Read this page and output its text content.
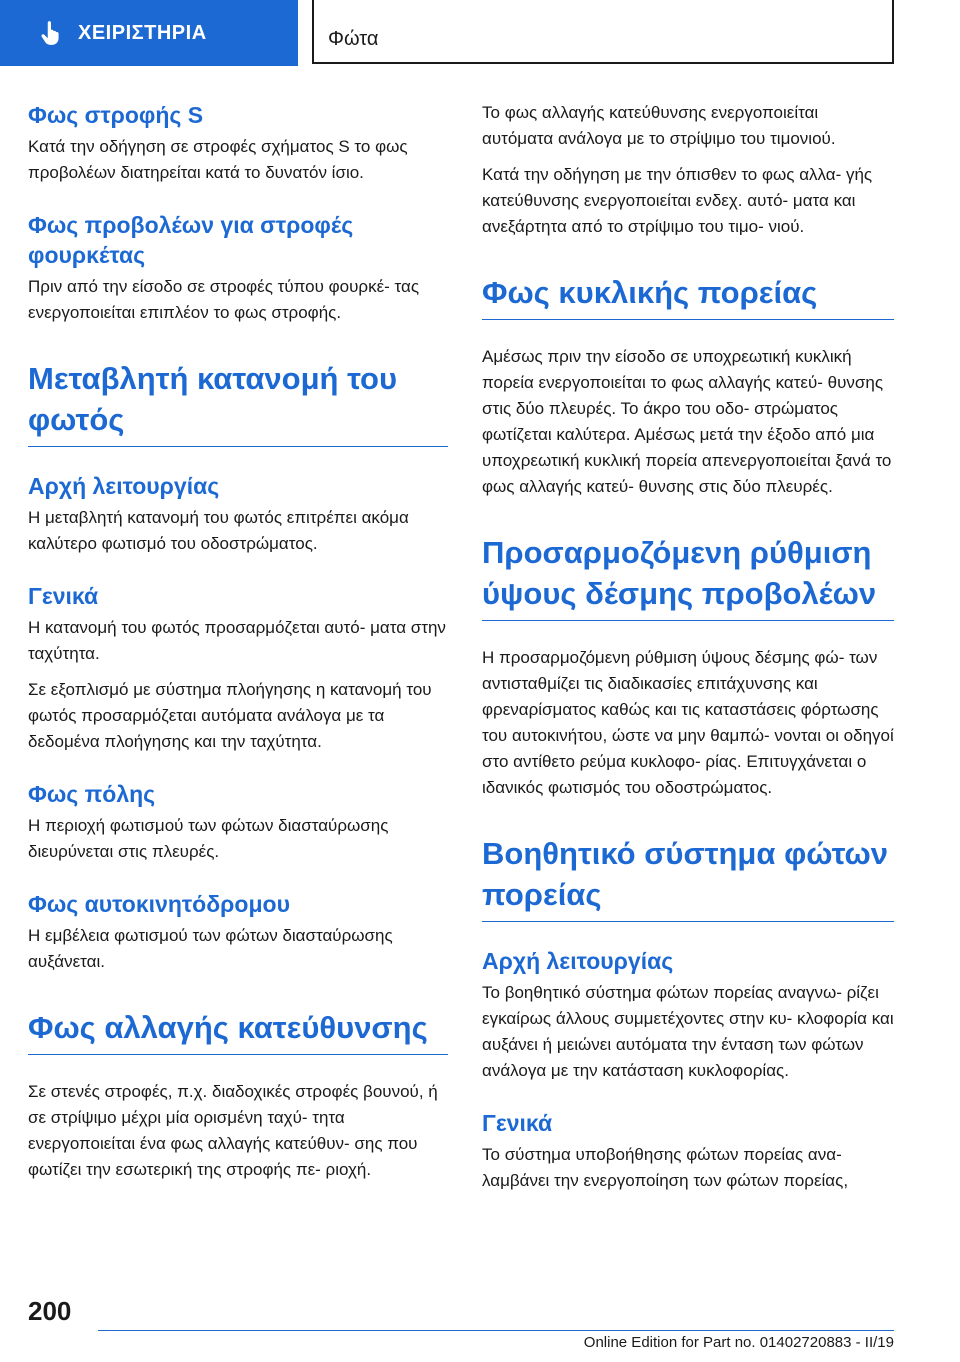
ΧΕΙΡΙΣΤΗΡΙΑ	Φώτα
Φως στροφής S
Κατά την οδήγηση σε στροφές σχήματος S το φως προβολέων διατηρείται κατά το δυνατόν ίσιο.
Φως προβολέων για στροφές φουρκέτας
Πριν από την είσοδο σε στροφές τύπου φουρκέ‐ τας ενεργοποιείται επιπλέον το φως στροφής.
Μεταβλητή κατανομή του φωτός
Αρχή λειτουργίας
Η μεταβλητή κατανομή του φωτός επιτρέπει ακόμα καλύτερο φωτισμό του οδοστρώματος.
Γενικά
Η κατανομή του φωτός προσαρμόζεται αυτό‐ ματα στην ταχύτητα.
Σε εξοπλισμό με σύστημα πλοήγησης η κατανομή του φωτός προσαρμόζεται αυτόματα ανάλογα με τα δεδομένα πλοήγησης και την ταχύτητα.
Φως πόλης
Η περιοχή φωτισμού των φώτων διασταύρωσης διευρύνεται στις πλευρές.
Φως αυτοκινητόδρομου
Η εμβέλεια φωτισμού των φώτων διασταύρωσης αυξάνεται.
Φως αλλαγής κατεύθυνσης
Σε στενές στροφές, π.χ. διαδοχικές στροφές βουνού, ή σε στρίψιμο μέχρι μία ορισμένη ταχύ‐ τητα ενεργοποιείται ένα φως αλλαγής κατεύθυν‐ σης που φωτίζει την εσωτερική της στροφής πε‐ ριοχή.
Το φως αλλαγής κατεύθυνσης ενεργοποιείται αυτόματα ανάλογα με το στρίψιμο του τιμονιού.
Κατά την οδήγηση με την όπισθεν το φως αλλα‐ γής κατεύθυνσης ενεργοποιείται ενδεχ. αυτό‐ ματα και ανεξάρτητα από το στρίψιμο του τιμο‐ νιού.
Φως κυκλικής πορείας
Αμέσως πριν την είσοδο σε υποχρεωτική κυκλική πορεία ενεργοποιείται το φως αλλαγής κατεύ‐ θυνσης στις δύο πλευρές. Το άκρο του οδο‐ στρώματος φωτίζεται καλύτερα. Αμέσως μετά την έξοδο από μια υποχρεωτική κυκλική πορεία απενεργοποιείται ξανά το φως αλλαγής κατεύ‐ θυνσης στις δύο πλευρές.
Προσαρμοζόμενη ρύθμιση ύψους δέσμης προβολέων
Η προσαρμοζόμενη ρύθμιση ύψους δέσμης φώ‐ των αντισταθμίζει τις διαδικασίες επιτάχυνσης και φρεναρίσματος καθώς και τις καταστάσεις φόρτωσης του αυτοκινήτου, ώστε να μην θαμπώ‐ νονται οι οδηγοί στο αντίθετο ρεύμα κυκλοφο‐ ρίας. Επιτυγχάνεται ο ιδανικός φωτισμός του οδοστρώματος.
Βοηθητικό σύστημα φώτων πορείας
Αρχή λειτουργίας
Το βοηθητικό σύστημα φώτων πορείας αναγνω‐ ρίζει εγκαίρως άλλους συμμετέχοντες στην κυ‐ κλοφορία και αυξάνει ή μειώνει αυτόματα την ένταση των φώτων ανάλογα με την κατάσταση κυκλοφορίας.
Γενικά
Το σύστημα υποβοήθησης φώτων πορείας ανα‐ λαμβάνει την ενεργοποίηση των φώτων πορείας,
200
Online Edition for Part no. 01402720883 - II/19
